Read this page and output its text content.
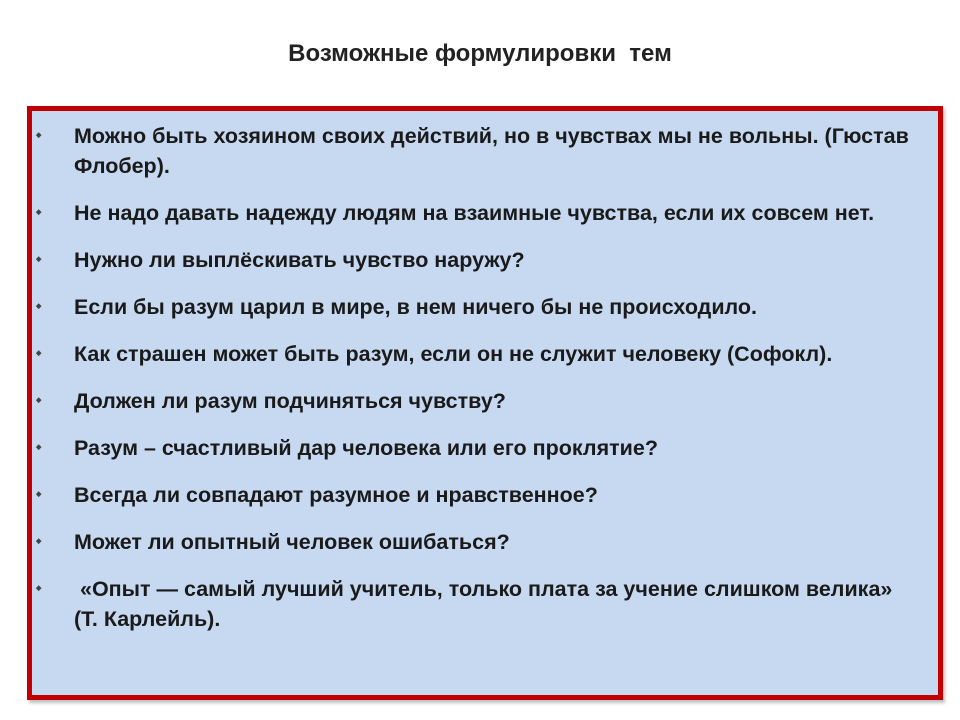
Возможные формулировки  тем
◆ Можно быть хозяином своих действий, но в чувствах мы не вольны. (Гюстав Флобер).
◆ Не надо давать надежду людям на взаимные чувства, если их совсем нет.
◆ Нужно ли выплёскивать чувство наружу?
◆ Если бы разум царил в мире, в нем ничего бы не происходило.
◆ Как страшен может быть разум, если он не служит человеку (Софокл).
◆ Должен ли разум подчиняться чувству?
◆ Разум – счастливый дар человека или его проклятие?
◆ Всегда ли совпадают разумное и нравственное?
◆ Может ли опытный человек ошибаться?
◆ «Опыт — самый лучший учитель, только плата за учение слишком велика» (Т. Карлейль).
